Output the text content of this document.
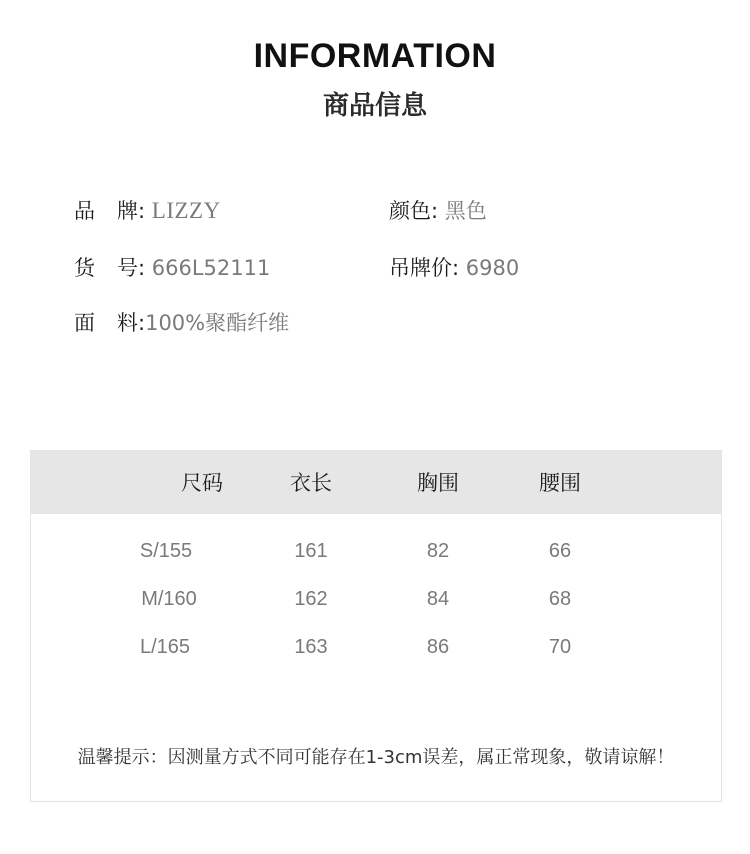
INFORMATION
商品信息
品 牌: LIZZY	颜色: 黑色
货 号: 666L52111	吊牌价: 6980
面 料:100%聚酯纤维
尺码	衣长	胸围	腰围
S/155	161	82	66
M/160	162	84	68
L/165	163	86	70
温馨提示：因测量方式不同可能存在1-3cm误差，属正常现象，敬请谅解！
